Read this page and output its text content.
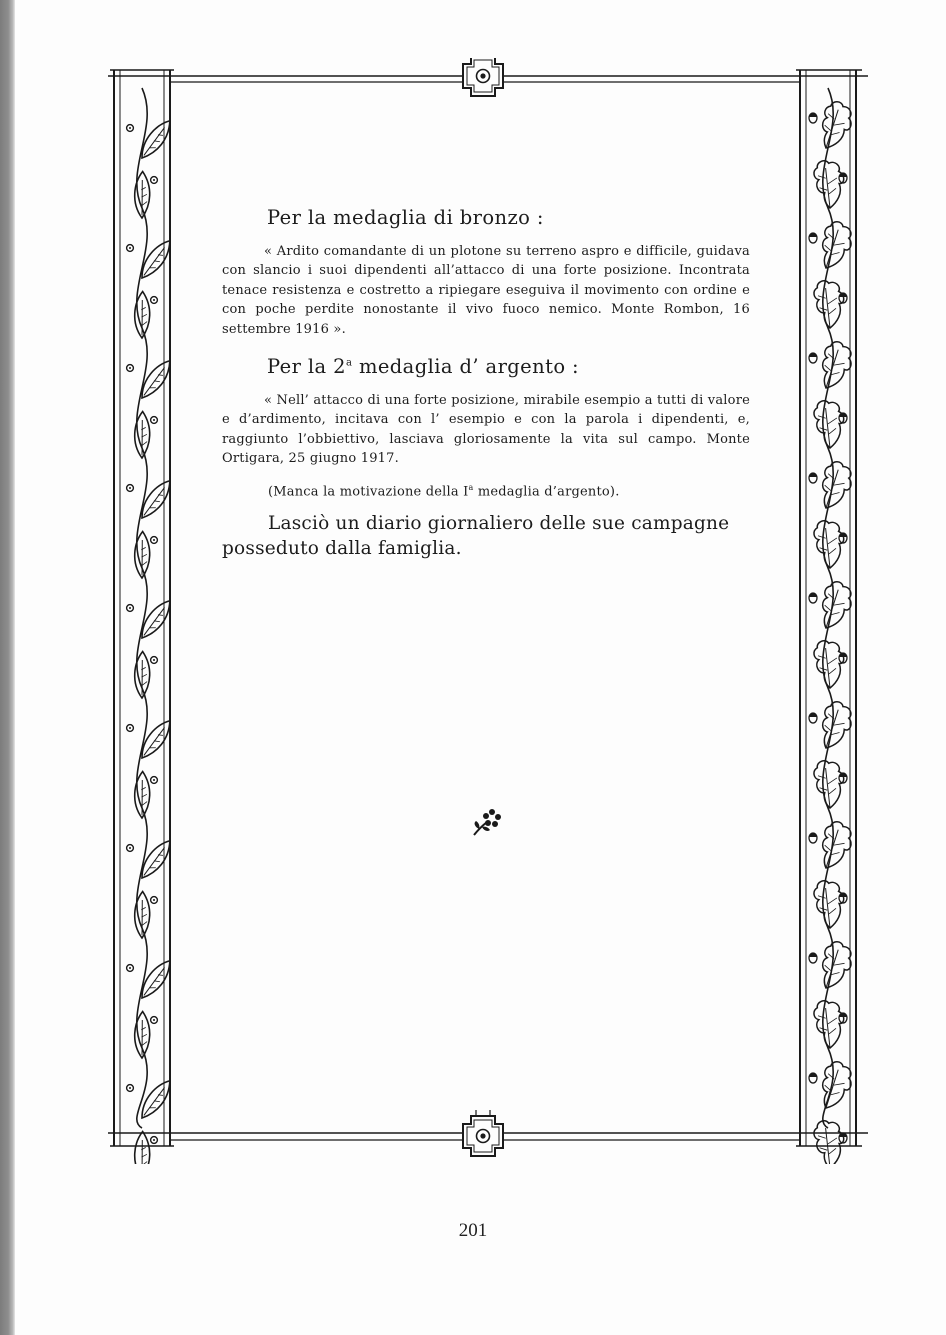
Per la medaglia di bronzo :

« Ardito comandante di un plotone su terreno aspro e difficile, guidava con slancio i suoi dipendenti all’attacco di una forte posizione. Incontrata tenace resistenza e costretto a ripiegare eseguiva il movimento con ordine e con poche perdite nonostante il vivo fuoco nemico. Monte Rombon, 16 settembre 1916 ».

Per la 2$^a$ medaglia d’ argento :

« Nell’ attacco di una forte posizione, mirabile esempio a tutti di valore e d’ardimento, incitava con l’ esempio e con la parola i dipendenti, e, raggiunto l’obbiettivo, lasciava gloriosamente la vita sul campo. Monte Ortigara, 25 giugno 1917.

(Manca la motivazione della $I^a$ medaglia d’argento).

Lasciò un diario giornaliero delle sue campagne posseduto dalla famiglia.

201
